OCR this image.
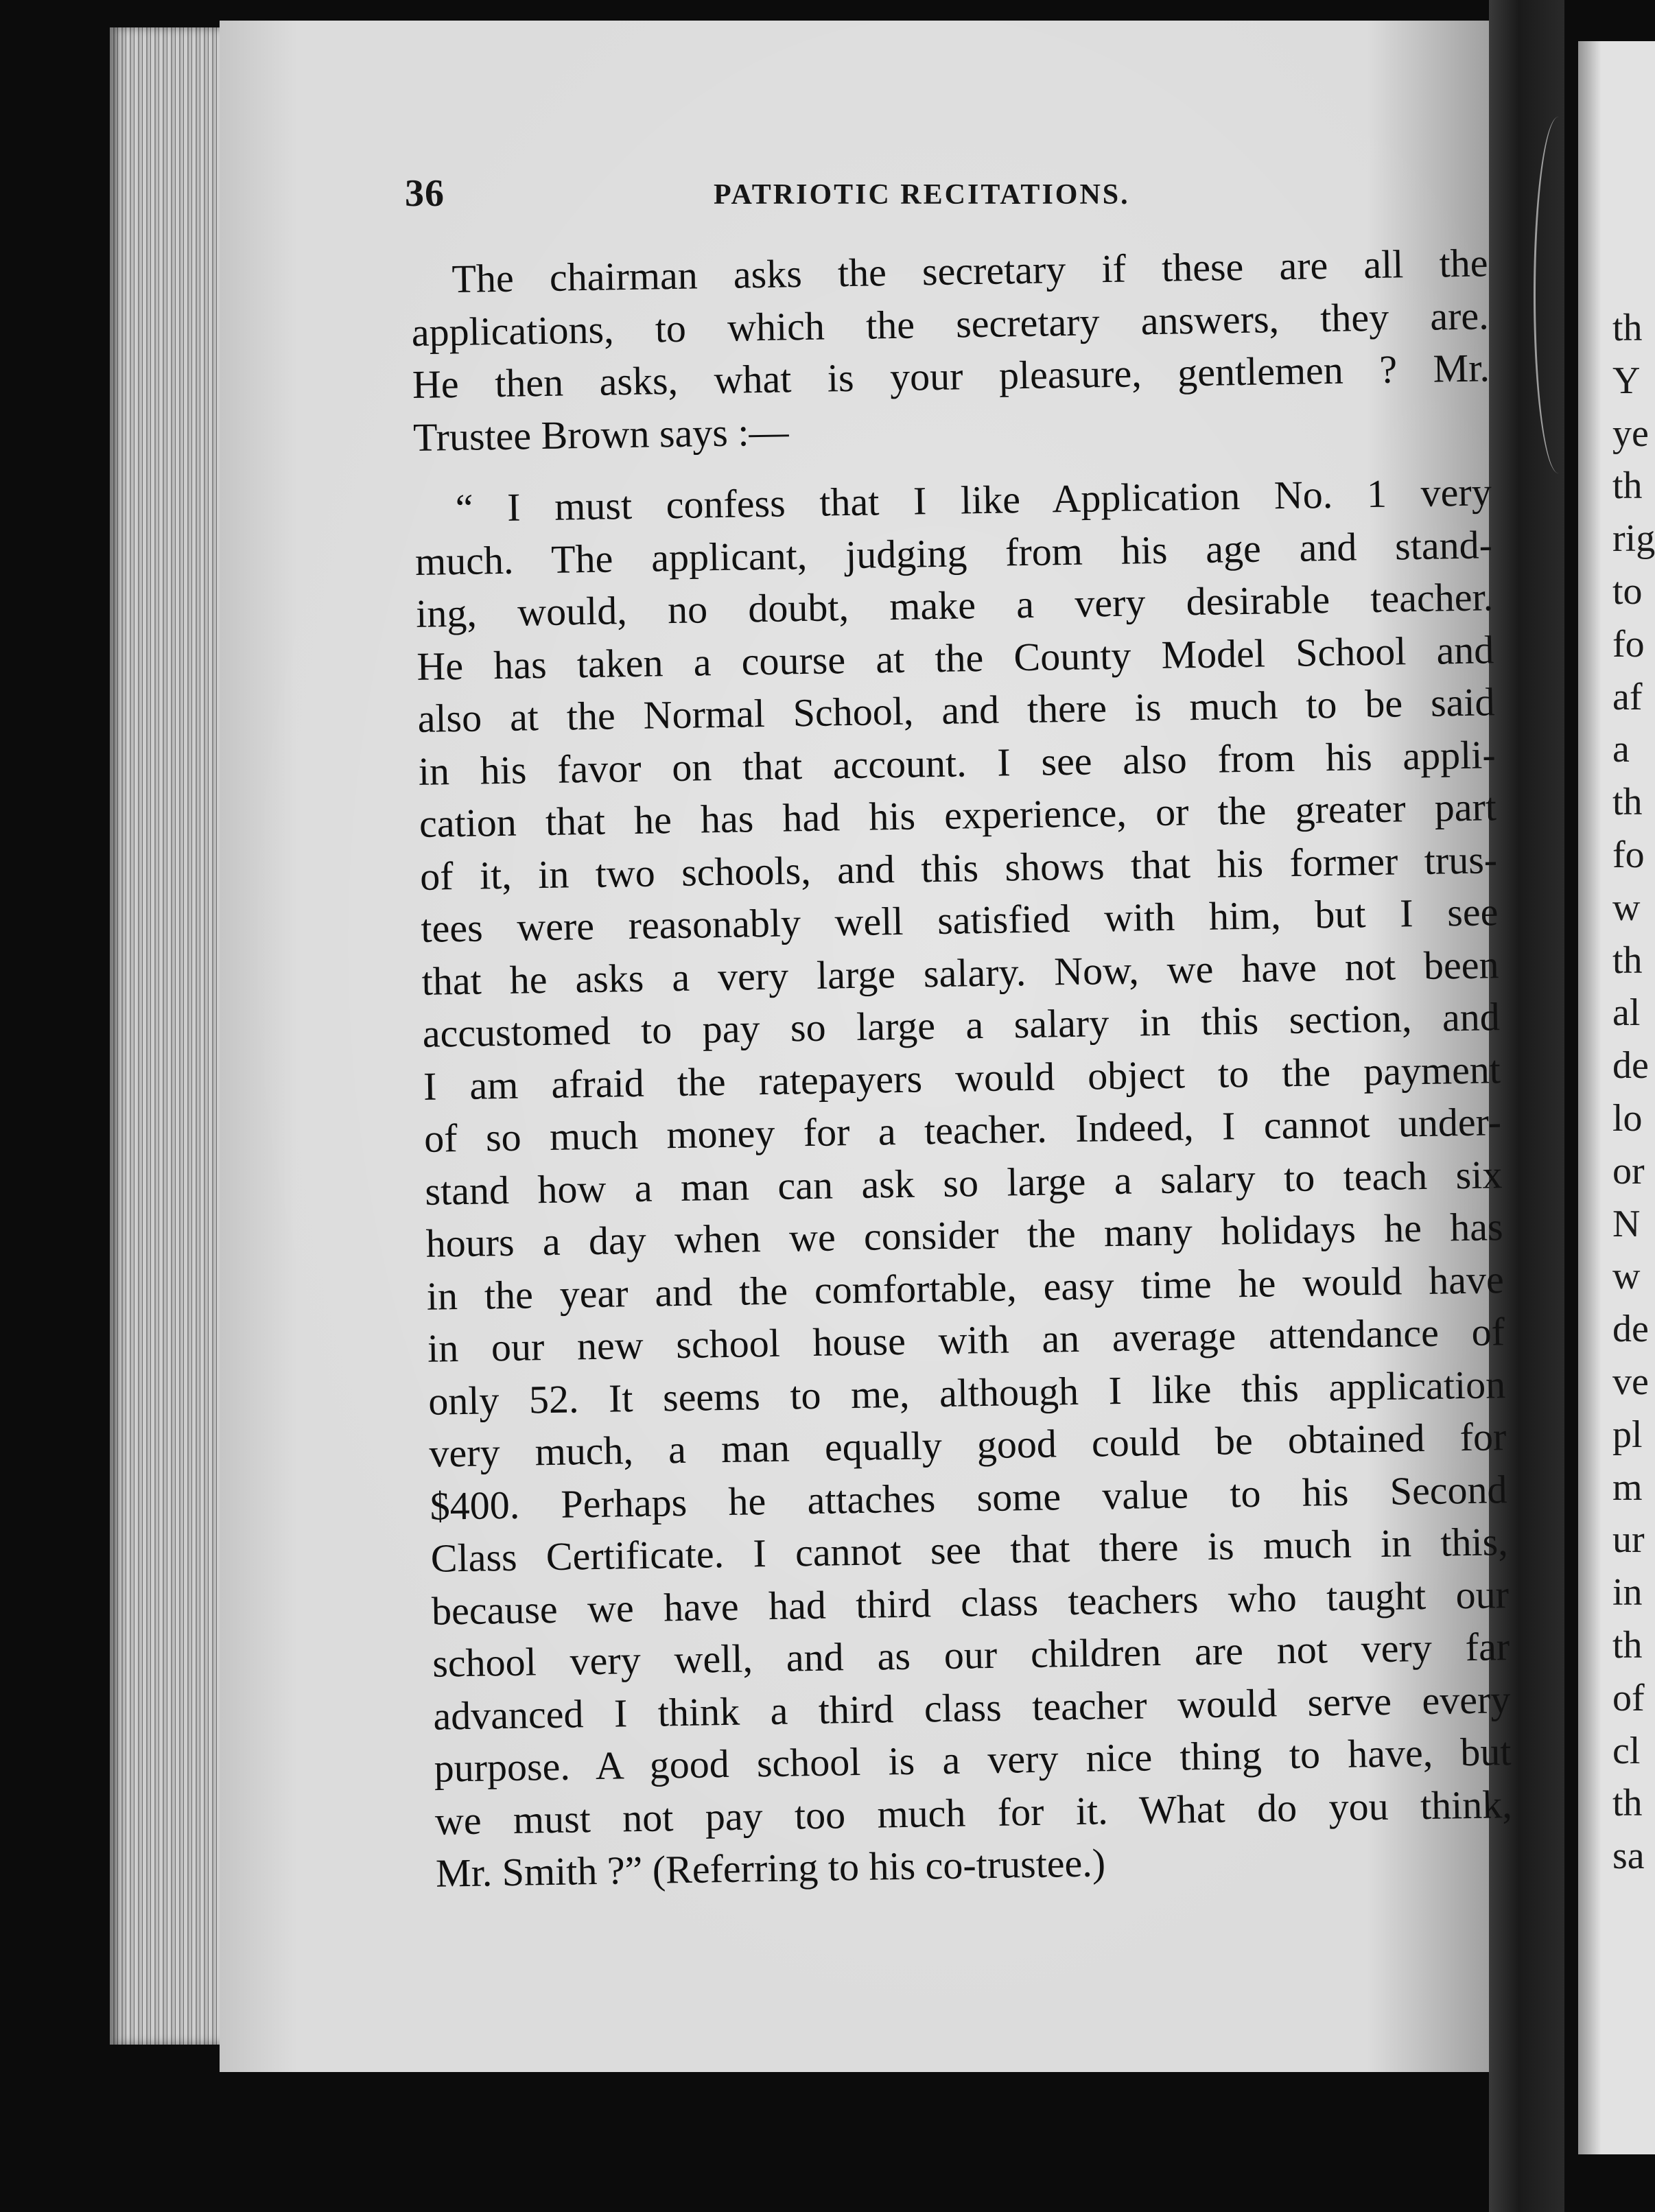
th
Y
ye
th
rig
to
fo
af
a
th
fo
w
th
al
de
lo
or
N
w
de
ve
pl
m
ur
in
th
of
cl
th
sa
36	PATRIOTIC RECITATIONS.
The chairman asks the secretary if these are all the
applications, to which the secretary answers, they are.
He then asks, what is your pleasure, gentlemen ? Mr.
Trustee Brown says :—
“ I must confess that I like Application No. 1 very
much. The applicant, judging from his age and stand-
ing, would, no doubt, make a very desirable teacher.
He has taken a course at the County Model School and
also at the Normal School, and there is much to be said
in his favor on that account. I see also from his appli-
cation that he has had his experience, or the greater part
of it, in two schools, and this shows that his former trus-
tees were reasonably well satisfied with him, but I see
that he asks a very large salary. Now, we have not been
accustomed to pay so large a salary in this section, and
I am afraid the ratepayers would object to the payment
of so much money for a teacher. Indeed, I cannot under-
stand how a man can ask so large a salary to teach six
hours a day when we consider the many holidays he has
in the year and the comfortable, easy time he would have
in our new school house with an average attendance of
only 52. It seems to me, although I like this application
very much, a man equally good could be obtained for
$400. Perhaps he attaches some value to his Second
Class Certificate. I cannot see that there is much in this,
because we have had third class teachers who taught our
school very well, and as our children are not very far
advanced I think a third class teacher would serve every
purpose. A good school is a very nice thing to have, but
we must not pay too much for it. What do you think,
Mr. Smith ?” (Referring to his co-trustee.)
